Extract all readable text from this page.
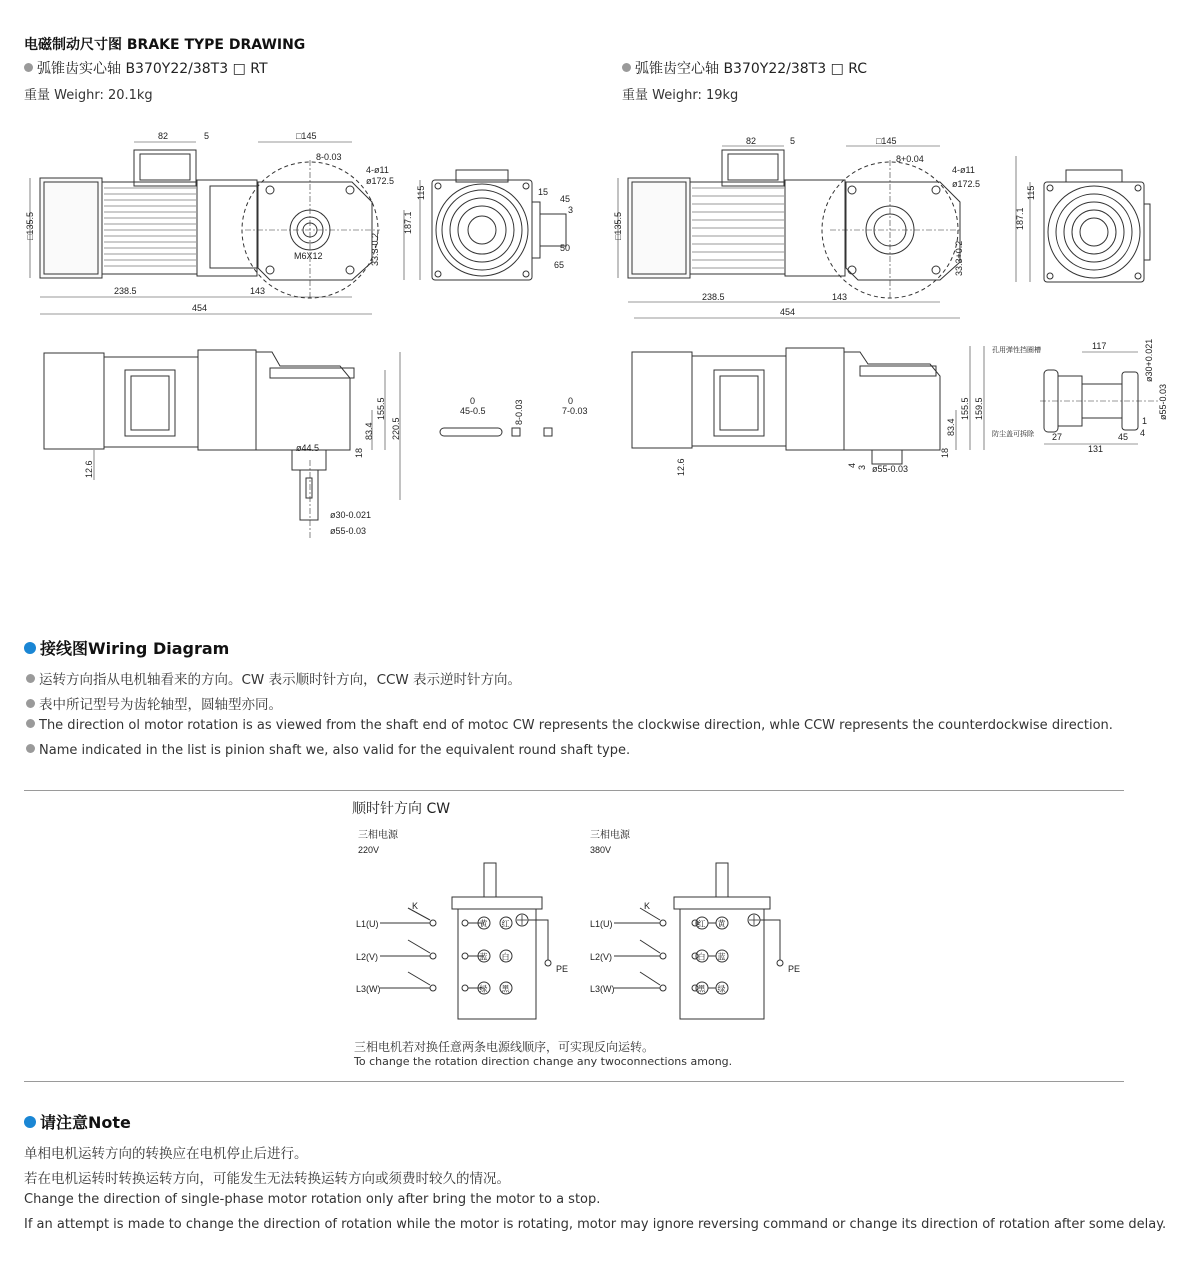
电磁制动尺寸图 BRAKE TYPE DRAWING
弧锥齿实心轴 B370Y22/38T3 □ RT
重量 Weighr: 20.1kg
弧锥齿空心轴 B370Y22/38T3 □ RC
重量 Weighr: 19kg
82	5	□145
8-0.03
4-ø11
ø172.5
M6X12	33.3-0.2
□135.5
238.5	143
454
187.1
115	15
45
3
50
65
ø44.5
155.5
220.5
83.4
18
12.6
ø30-0.021
ø55-0.03
0
45-0.5	8-0.03	0
7-0.03
82	5	□145
8+0.04
4-ø11
ø172.5
33.3+0.2
□135.5
238.5	143
454
187.1
115
155.5 159.5
83.4
18
12.6	4 3 ø55-0.03
孔用弹性挡圈槽
防尘盖可拆除
117	ø30+0.021
ø55-0.03
27
131
45
1
4
接线图Wiring Diagram
运转方向指从电机轴看来的方向。CW 表示顺时针方向，CCW 表示逆时针方向。
表中所记型号为齿轮轴型，圆轴型亦同。
The direction ol motor rotation is as viewed from the shaft end of motoc CW represents the clockwise direction, whle CCW represents the counterdockwise direction.
Name indicated in the list is pinion shaft we, also valid for the equivalent round shaft type.
顺时针方向 CW
三相电源
220V
K
L1(U)
L2(V)
L3(W)
黄 红
蓝 白
绿 黑
PE
三相电源
380V
K
L1(U)
L2(V)
L3(W)
红 黄
白 蓝
黑 绿
PE
三相电机若对换任意两条电源线顺序，可实现反向运转。
To change the rotation direction change any twoconnections among.
请注意Note
单相电机运转方向的转换应在电机停止后进行。
若在电机运转时转换运转方向，可能发生无法转换运转方向或须费时较久的情况。
Change the direction of single-phase motor rotation only after bring the motor to a stop.
If an attempt is made to change the direction of rotation while the motor is rotating, motor may ignore reversing command or change its direction of rotation after some delay.
